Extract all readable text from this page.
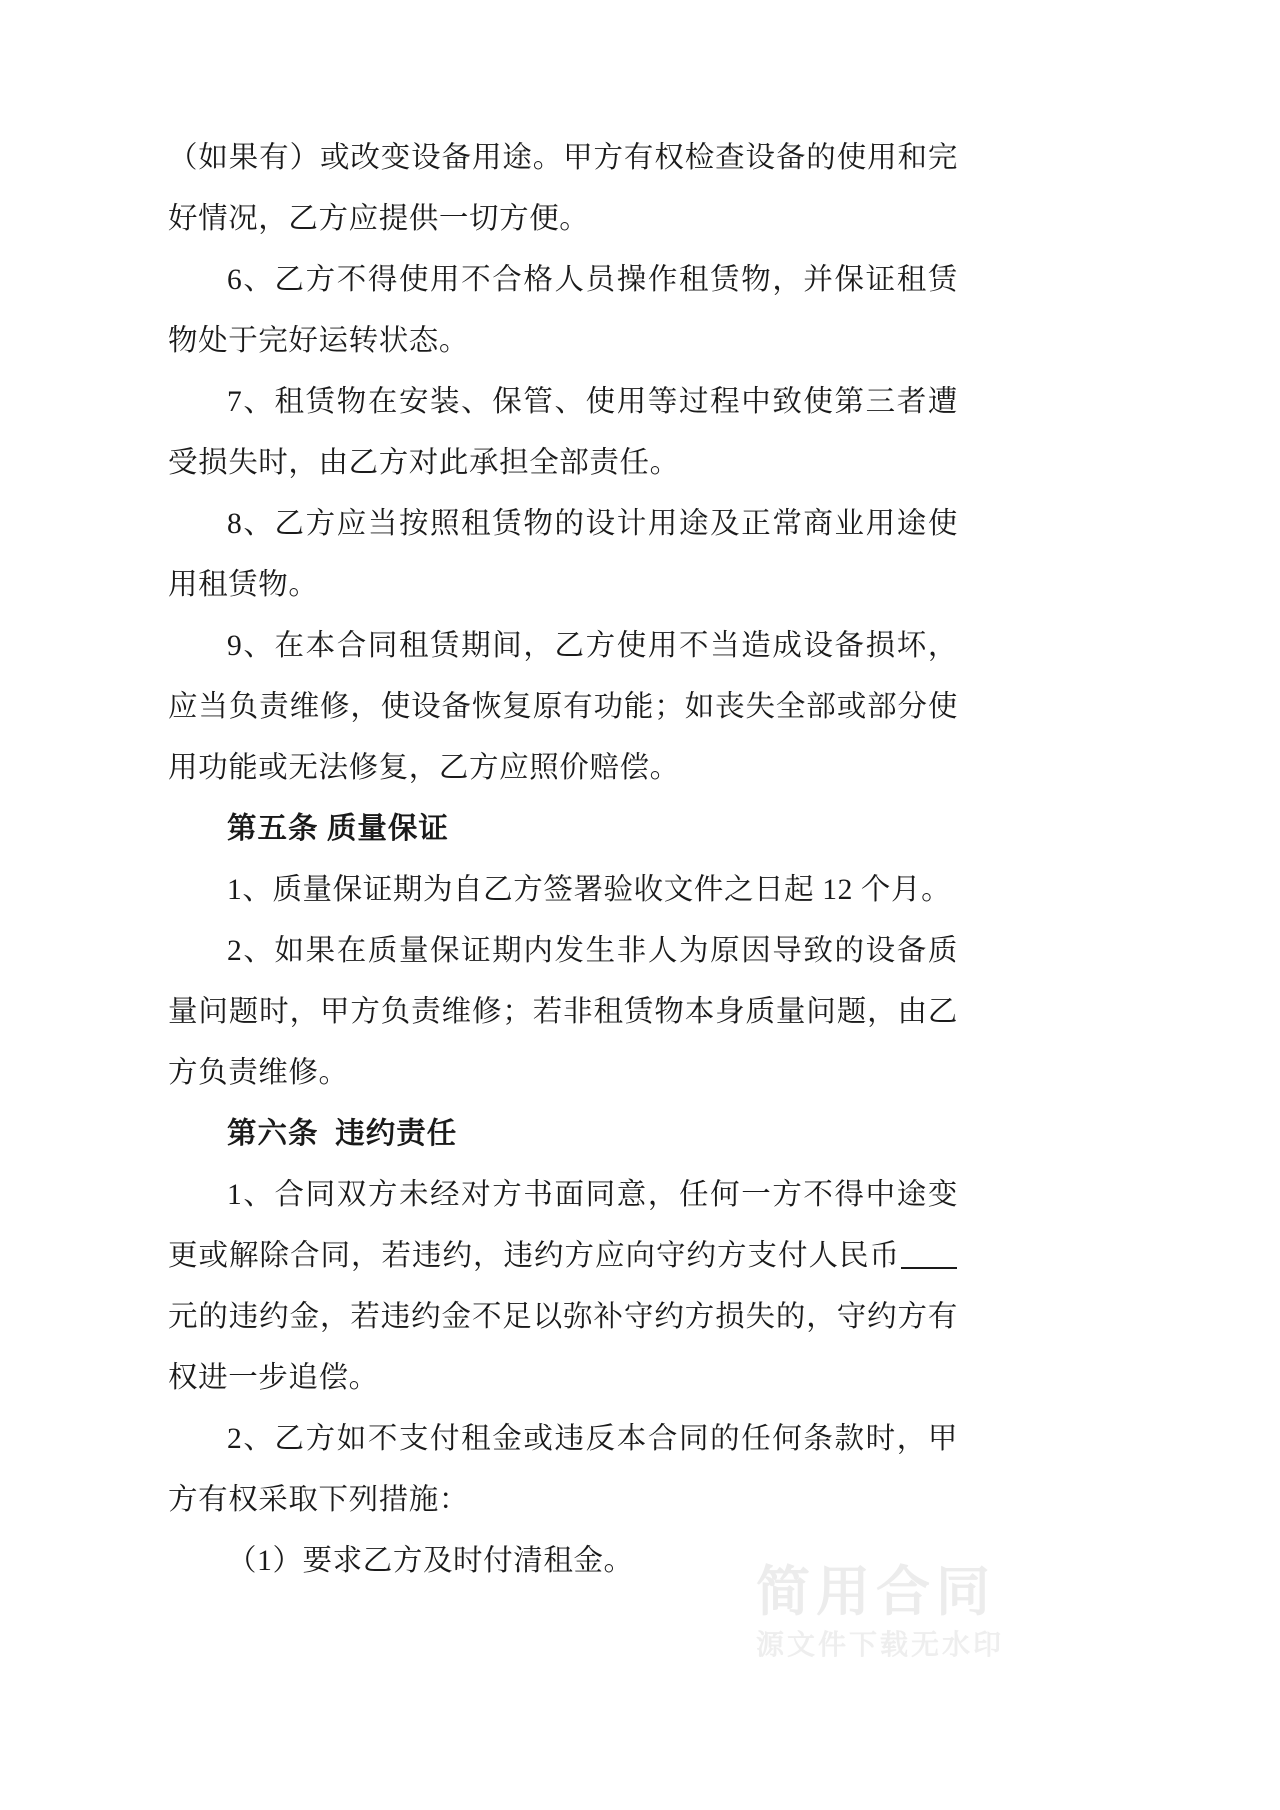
（如果有）或改变设备用途。甲方有权检查设备的使用和完好情况，乙方应提供一切方便。

6、乙方不得使用不合格人员操作租赁物，并保证租赁物处于完好运转状态。

7、租赁物在安装、保管、使用等过程中致使第三者遭受损失时，由乙方对此承担全部责任。

8、乙方应当按照租赁物的设计用途及正常商业用途使用租赁物。

9、在本合同租赁期间，乙方使用不当造成设备损坏，应当负责维修，使设备恢复原有功能；如丧失全部或部分使用功能或无法修复，乙方应照价赔偿。

第五条 质量保证

1、质量保证期为自乙方签署验收文件之日起 12 个月。

2、如果在质量保证期内发生非人为原因导致的设备质量问题时，甲方负责维修；若非租赁物本身质量问题，由乙方负责维修。

第六条  违约责任

1、合同双方未经对方书面同意，任何一方不得中途变更或解除合同，若违约，违约方应向守约方支付人民币元的违约金，若违约金不足以弥补守约方损失的，守约方有权进一步追偿。

2、乙方如不支付租金或违反本合同的任何条款时，甲方有权采取下列措施：

（1）要求乙方及时付清租金。	简用合同
源文件下载无水印
